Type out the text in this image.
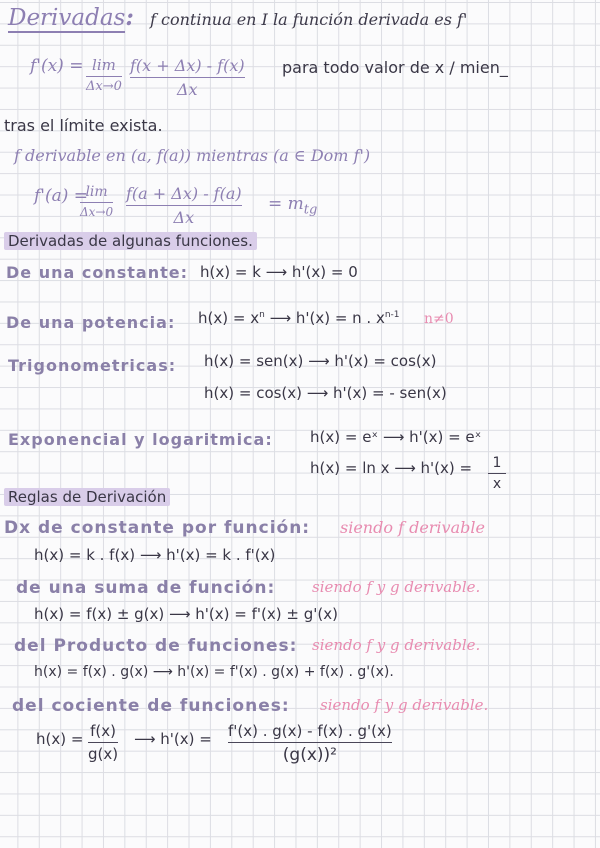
Derivadas: f continua en I la función derivada es f'
f'(x) = lim
Δx→0
f(x + Δx) - f(x)
Δx
para todo valor de x / mien_
tras el límite exista.
f derivable en (a, f(a)) mientras (a ∈ Dom f')
f'(a) =
lim
Δx→0
f(a + Δx) - f(a)
Δx
= $m_{tg}$
Derivadas de algunas funciones.
De una constante: h(x) = k ⟶ h'(x) = 0
De una potencia: $h(x) = x^n$ ⟶ h'(x) = n . $x^{n-1}$ n≠0
Trigonometricas: h(x) = sen(x) ⟶ h'(x) = cos(x)
h(x) = cos(x) ⟶ h'(x) = - sen(x)
Exponencial y logaritmica: h(x) = eˣ ⟶ h'(x) = eˣ
h(x) = ln x ⟶ h'(x) = 1
x
Reglas de Derivación
Dx de constante por función: siendo f derivable
h(x) = k . f(x) ⟶ h'(x) = k . f'(x)
de una suma de función: siendo f y g derivable.
h(x) = f(x) ± g(x) ⟶ h'(x) = f'(x) ± g'(x)
del Producto de funciones: siendo f y g derivable.
h(x) = f(x) . g(x) ⟶ h'(x) = f'(x) . g(x) + f(x) . g'(x).
del cociente de funciones: siendo f y g derivable.
h(x) = f(x)
g(x)
⟶ h'(x) = f'(x) . g(x) - f(x) . g'(x)
(g(x))²
